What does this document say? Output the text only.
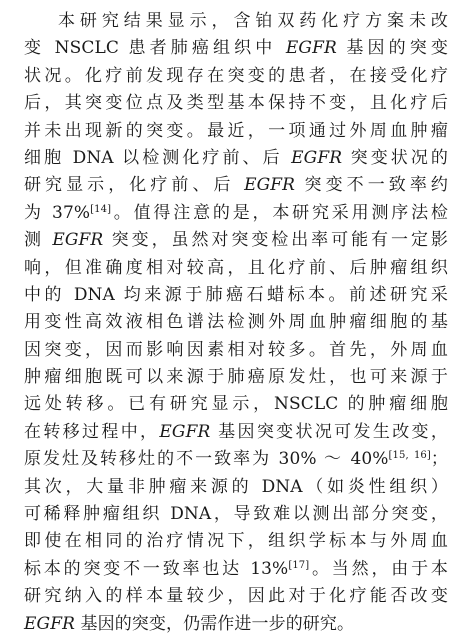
本研究结果显示，含铂双药化疗方案未改
变 NSCLC 患者肺癌组织中 EGFR 基因的突变
状况。化疗前发现存在突变的患者，在接受化疗
后，其突变位点及类型基本保持不变，且化疗后
并未出现新的突变。最近，一项通过外周血肿瘤
细胞 DNA 以检测化疗前、后 EGFR 突变状况的
研究显示，化疗前、后 EGFR 突变不一致率约
为 37%[14]。值得注意的是，本研究采用测序法检
测 EGFR 突变，虽然对突变检出率可能有一定影
响，但准确度相对较高，且化疗前、后肿瘤组织
中的 DNA 均来源于肺癌石蜡标本。前述研究采
用变性高效液相色谱法检测外周血肿瘤细胞的基
因突变，因而影响因素相对较多。首先，外周血
肿瘤细胞既可以来源于肺癌原发灶，也可来源于
远处转移。已有研究显示，NSCLC 的肿瘤细胞
在转移过程中，EGFR 基因突变状况可发生改变，
原发灶及转移灶的不一致率为 30% ～ 40%[15, 16]；
其次，大量非肿瘤来源的 DNA（如炎性组织）
可稀释肿瘤组织 DNA，导致难以测出部分突变，
即使在相同的治疗情况下，组织学标本与外周血
标本的突变不一致率也达 13%[17]。当然，由于本
研究纳入的样本量较少，因此对于化疗能否改变
EGFR 基因的突变，仍需作进一步的研究。
